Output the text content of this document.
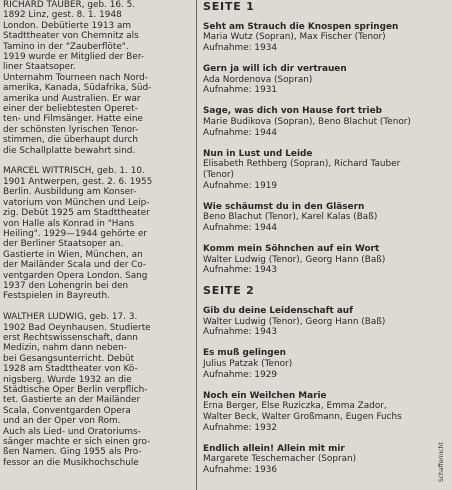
RICHARD TAUBER, geb. 16. 5.

1892 Linz, gest. 8. 1. 1948

London. Debütierte 1913 am

Stadttheater von Chemnitz als

Tamino in der "Zauberflöte".

1919 wurde er Mitglied der Ber-

liner Staatsoper.

Unternahm Tourneen nach Nord-

amerika, Kanada, Südafrika, Süd-

amerika und Australien. Er war

einer der beliebtesten Operet-

ten- und Filmsänger. Hatte eine

der schönsten lyrischen Tenor-

stimmen, die überhaupt durch

die Schallplatte bewahrt sind.

MARCEL WITTRISCH, geb. 1. 10.

1901 Antwerpen, gest. 2. 6. 1955

Berlin. Ausbildung am Konser-

vatorium von München und Leip-

zig. Debüt 1925 am Stadttheater

von Halle als Konrad in "Hans

Heiling". 1929—1944 gehörte er

der Berliner Staatsoper an.

Gastierte in Wien, München, an

der Mailänder Scala und der Co-

ventgarden Opera London. Sang

1937 den Lohengrin bei den

Festspielen in Bayreuth.

WALTHER LUDWIG, geb. 17. 3.

1902 Bad Oeynhausen. Studierte

erst Rechtswissenschaft, dann

Medizin, nahm dann neben-

bei Gesangsunterricht. Debüt

1928 am Stadttheater von Kö-

nigsberg. Wurde 1932 an die

Städtische Oper Berlin verpflich-

tet. Gastierte an der Mailänder

Scala, Conventgarden Opera

und an der Oper von Rom.

Auch als Lied- und Oratoriums-

sänger machte er sich einen gro-

ßen Namen. Ging 1955 als Pro-

fessor an die Musikhochschule

SEITE 1
Seht am Strauch die Knospen springen
Maria Wutz (Sopran), Max Fischer (Tenor)
Aufnahme: 1934
Gern ja will ich dir vertrauen
Ada Nordenova (Sopran)
Aufnahme: 1931
Sage, was dich von Hause fort trieb
Marie Budikova (Sopran), Beno Blachut (Tenor)
Aufnahme: 1944
Nun in Lust und Leide
Elisabeth Rethberg (Sopran), Richard Tauber (Tenor)
Aufnahme: 1919
Wie schäumst du in den Gläsern
Beno Blachut (Tenor), Karel Kalas (Baß)
Aufnahme: 1944
Komm mein Söhnchen auf ein Wort
Walter Ludwig (Tenor), Georg Hann (Baß)
Aufnahme: 1943
SEITE 2
Gib du deine Leidenschaft auf
Walter Ludwig (Tenor), Georg Hann (Baß)
Aufnahme: 1943
Es muß gelingen
Julius Patzak (Tenor)
Aufnahme: 1929
Noch ein Weilchen Marie
Erna Berger, Else Ruziczka, Emma Zador,
Walter Beck, Walter Großmann, Eugen Fuchs
Aufnahme: 1932
Endlich allein! Allein mit mir
Margarete Teschemacher (Sopran)
Aufnahme: 1936	Schaffernicht
